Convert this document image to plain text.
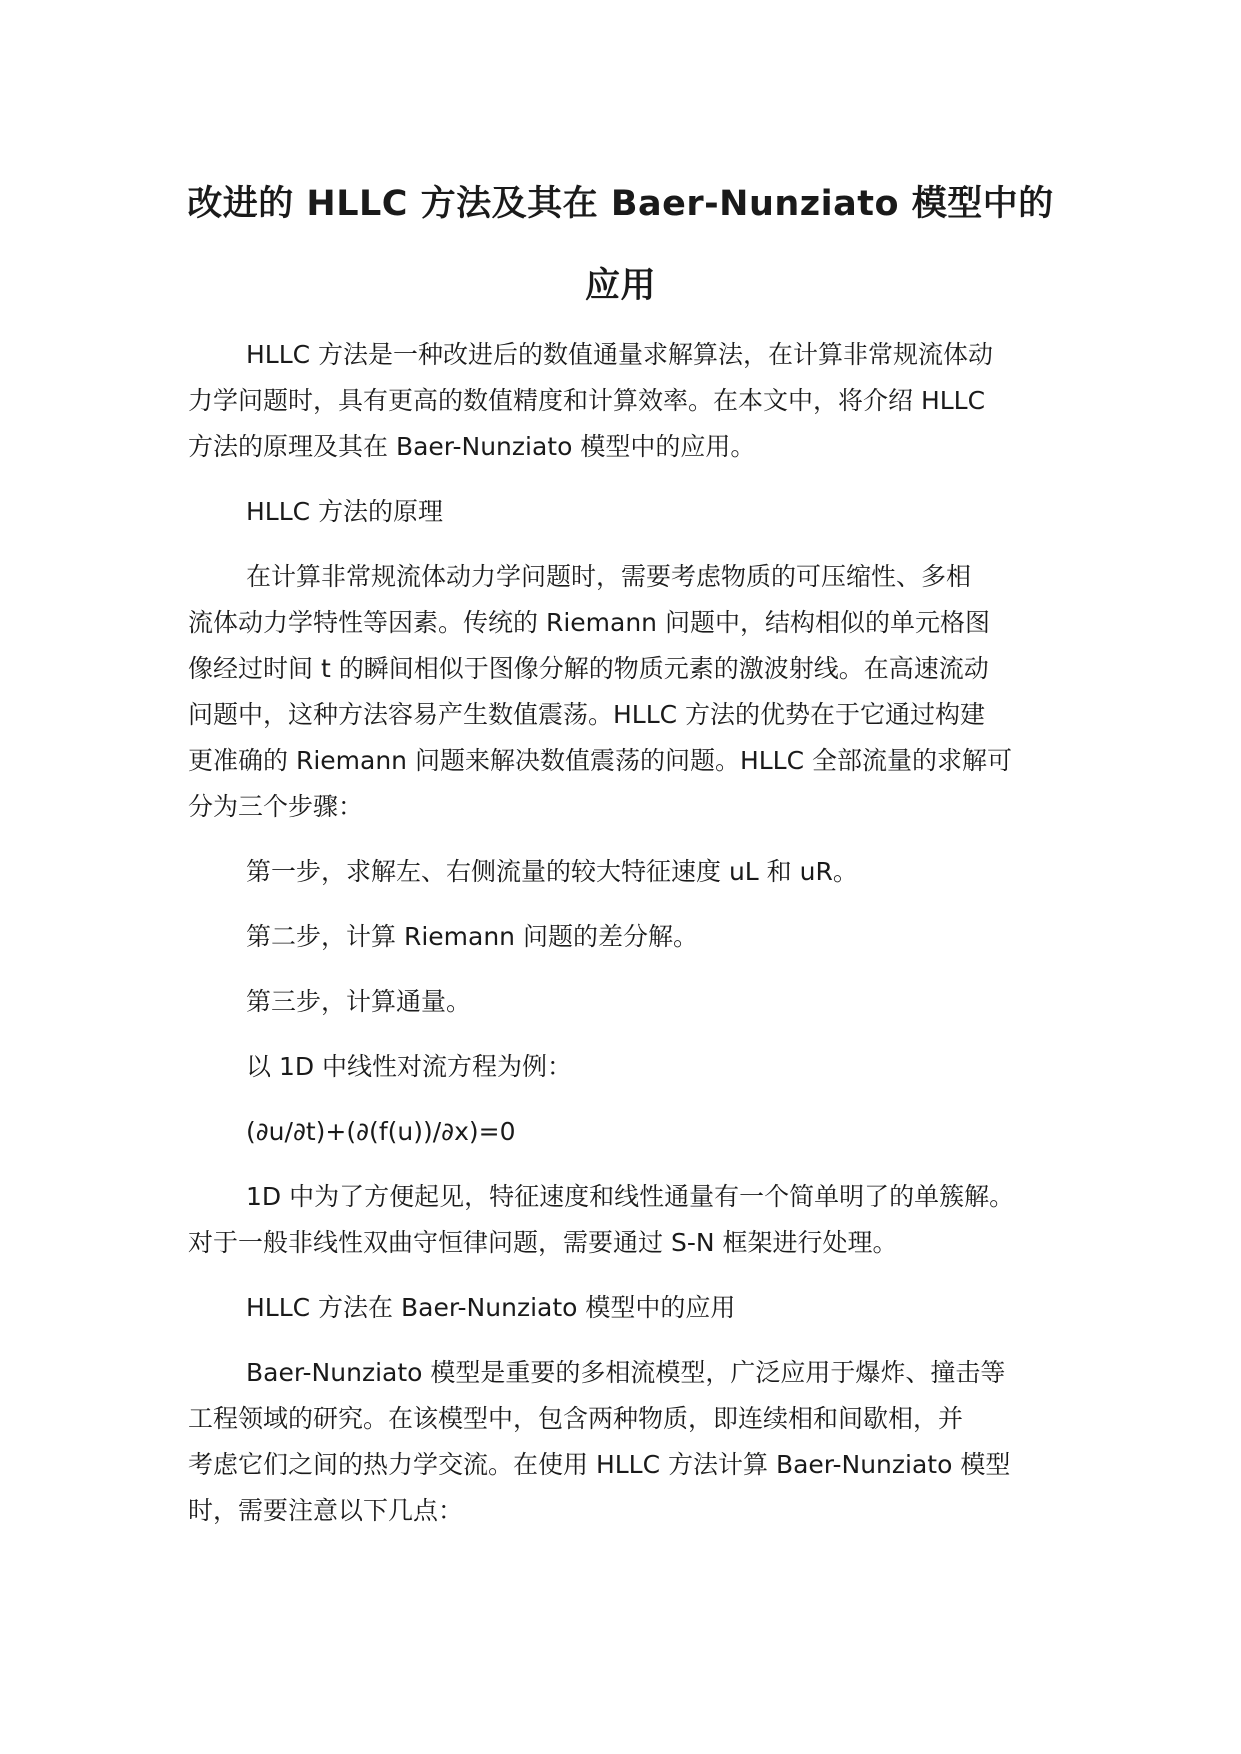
改进的 HLLC 方法及其在 Baer-Nunziato 模型中的
应用
HLLC 方法是一种改进后的数值通量求解算法，在计算非常规流体动
力学问题时，具有更高的数值精度和计算效率。在本文中，将介绍 HLLC
方法的原理及其在 Baer-Nunziato 模型中的应用。
HLLC 方法的原理
在计算非常规流体动力学问题时，需要考虑物质的可压缩性、多相
流体动力学特性等因素。传统的 Riemann 问题中，结构相似的单元格图
像经过时间 t 的瞬间相似于图像分解的物质元素的激波射线。在高速流动
问题中，这种方法容易产生数值震荡。HLLC 方法的优势在于它通过构建
更准确的 Riemann 问题来解决数值震荡的问题。HLLC 全部流量的求解可
分为三个步骤：
第一步，求解左、右侧流量的较大特征速度 uL 和 uR。
第二步，计算 Riemann 问题的差分解。
第三步，计算通量。
以 1D 中线性对流方程为例：
(∂u/∂t)+(∂(f(u))/∂x)=0
1D 中为了方便起见，特征速度和线性通量有一个简单明了的单簇解。
对于一般非线性双曲守恒律问题，需要通过 S-N 框架进行处理。
HLLC 方法在 Baer-Nunziato 模型中的应用
Baer-Nunziato 模型是重要的多相流模型，广泛应用于爆炸、撞击等
工程领域的研究。在该模型中，包含两种物质，即连续相和间歇相，并
考虑它们之间的热力学交流。在使用 HLLC 方法计算 Baer-Nunziato 模型
时，需要注意以下几点：
